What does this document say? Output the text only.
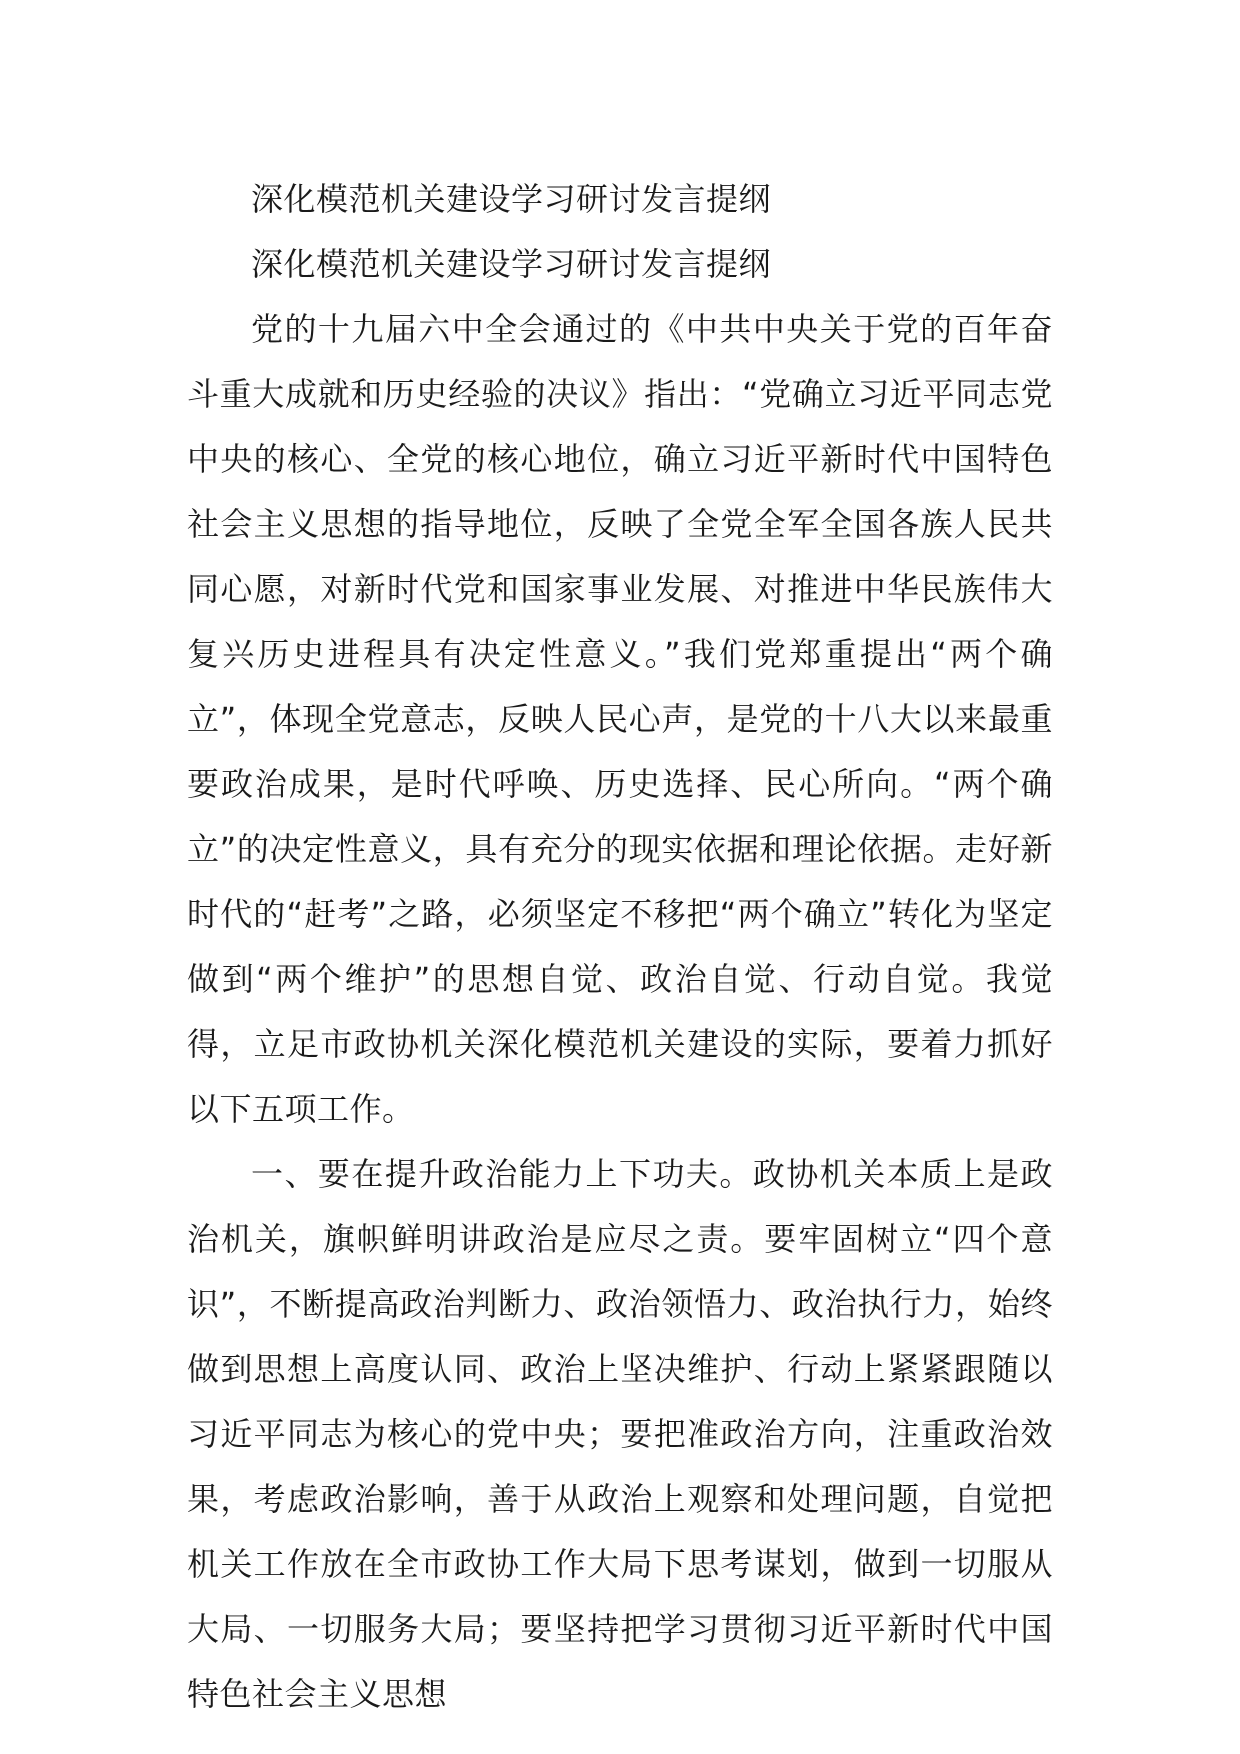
深化模范机关建设学习研讨发言提纲

深化模范机关建设学习研讨发言提纲

党的十九届六中全会通过的《中共中央关于党的百年奋斗重大成就和历史经验的决议》指出：“党确立习近平同志党中央的核心、全党的核心地位，确立习近平新时代中国特色社会主义思想的指导地位，反映了全党全军全国各族人民共同心愿，对新时代党和国家事业发展、对推进中华民族伟大复兴历史进程具有决定性意义。”我们党郑重提出“两个确立”，体现全党意志，反映人民心声，是党的十八大以来最重要政治成果，是时代呼唤、历史选择、民心所向。“两个确立”的决定性意义，具有充分的现实依据和理论依据。走好新时代的“赶考”之路，必须坚定不移把“两个确立”转化为坚定做到“两个维护”的思想自觉、政治自觉、行动自觉。我觉得，立足市政协机关深化模范机关建设的实际，要着力抓好以下五项工作。

一、要在提升政治能力上下功夫。政协机关本质上是政治机关，旗帜鲜明讲政治是应尽之责。要牢固树立“四个意识”，不断提高政治判断力、政治领悟力、政治执行力，始终做到思想上高度认同、政治上坚决维护、行动上紧紧跟随以习近平同志为核心的党中央；要把准政治方向，注重政治效果，考虑政治影响，善于从政治上观察和处理问题，自觉把机关工作放在全市政协工作大局下思考谋划，做到一切服从大局、一切服务大局；要坚持把学习贯彻习近平新时代中国特色社会主义思想
